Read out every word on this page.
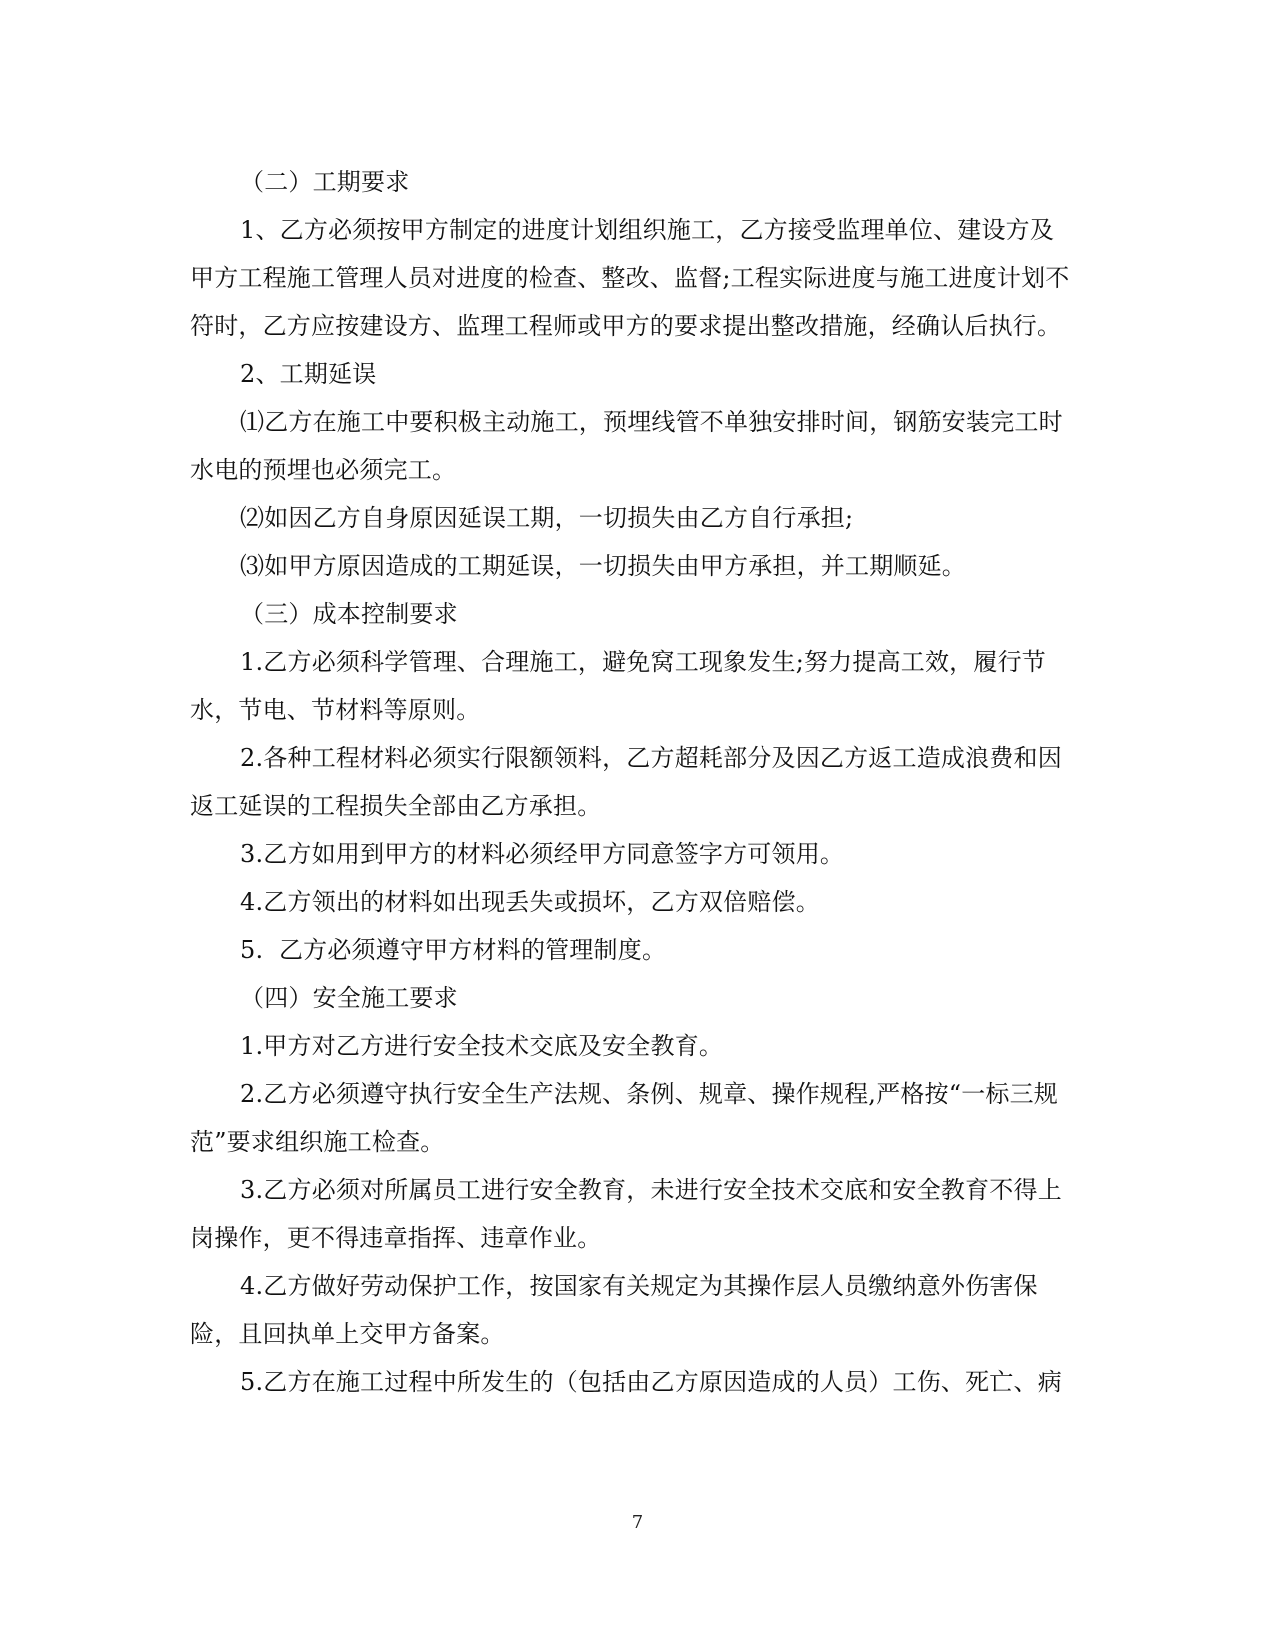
（二）工期要求

1、乙方必须按甲方制定的进度计划组织施工，乙方接受监理单位、建设方及甲方工程施工管理人员对进度的检查、整改、监督;工程实际进度与施工进度计划不符时，乙方应按建设方、监理工程师或甲方的要求提出整改措施，经确认后执行。

2、工期延误

⑴乙方在施工中要积极主动施工，预埋线管不单独安排时间，钢筋安装完工时水电的预埋也必须完工。

⑵如因乙方自身原因延误工期，一切损失由乙方自行承担;

⑶如甲方原因造成的工期延误，一切损失由甲方承担，并工期顺延。

（三）成本控制要求

1.乙方必须科学管理、合理施工，避免窝工现象发生;努力提高工效，履行节水，节电、节材料等原则。

2.各种工程材料必须实行限额领料，乙方超耗部分及因乙方返工造成浪费和因返工延误的工程损失全部由乙方承担。

3.乙方如用到甲方的材料必须经甲方同意签字方可领用。

4.乙方领出的材料如出现丢失或损坏，乙方双倍赔偿。

5.  乙方必须遵守甲方材料的管理制度。

（四）安全施工要求

1.甲方对乙方进行安全技术交底及安全教育。

2.乙方必须遵守执行安全生产法规、条例、规章、操作规程,严格按“一标三规范”要求组织施工检查。

3.乙方必须对所属员工进行安全教育，未进行安全技术交底和安全教育不得上岗操作，更不得违章指挥、违章作业。

4.乙方做好劳动保护工作，按国家有关规定为其操作层人员缴纳意外伤害保险，且回执单上交甲方备案。

5.乙方在施工过程中所发生的（包括由乙方原因造成的人员）工伤、死亡、病

7
